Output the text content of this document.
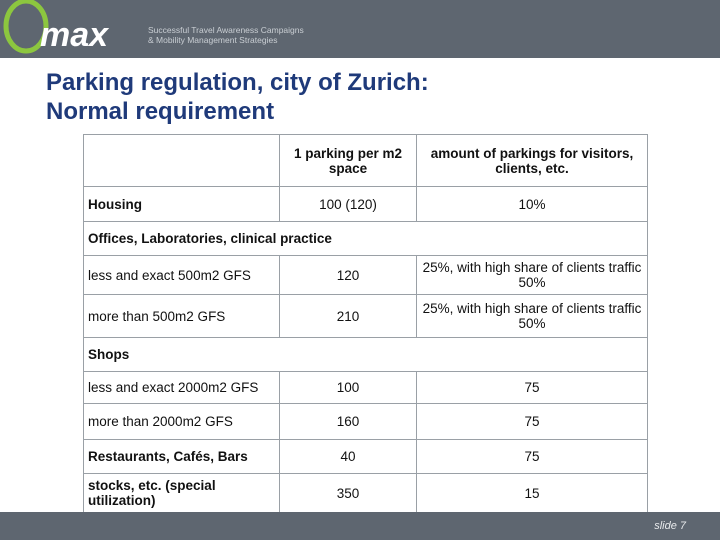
max	Successful Travel Awareness Campaigns
& Mobility Management Strategies
Parking regulation, city of Zurich:
Normal requirement
	1 parking per m2 space	amount of parkings for visitors, clients, etc.
Housing	100 (120)	10%
Offices, Laboratories, clinical practice		
less and exact 500m2 GFS	120	25%, with high share of clients traffic 50%
more than 500m2 GFS	210	25%, with high share of clients traffic 50%
Shops		
less and exact 2000m2 GFS	100	75
more than 2000m2 GFS	160	75
Restaurants, Cafés, Bars	40	75
stocks, etc. (special utilization)	350	15
slide 7
